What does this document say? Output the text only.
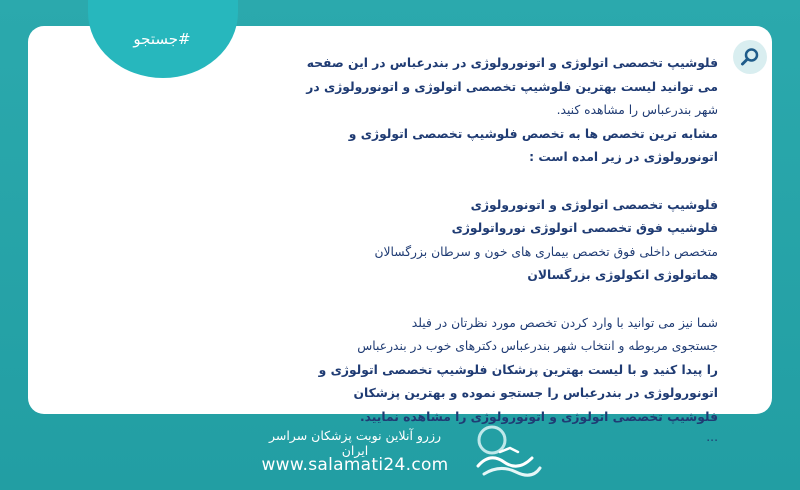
#جستجو
فلوشیپ تخصصی اتولوژی و اتونورولوژی در بندرعباس در این صفحه
می توانید لیست بهترین فلوشیپ تخصصی اتولوژی و اتونورولوژی در
شهر بندرعباس را مشاهده کنید.
مشابه ترین تخصص ها به تخصص فلوشیپ تخصصی اتولوژی و
اتونورولوژی در زیر امده است :
فلوشیپ تخصصی اتولوژی و اتونورولوژی
فلوشیپ فوق تخصصی اتولوژی نورواتولوژی
متخصص داخلی فوق تخصص بیماری های خون و سرطان بزرگسالان
هماتولوژی انکولوژی بزرگسالان
شما نیز می توانید با وارد کردن تخصص مورد نظرتان در فیلد
جستجوی مربوطه و انتخاب شهر بندرعباس دکترهای خوب در بندرعباس
را پیدا کنید و با لیست بهترین پزشکان فلوشیپ تخصصی اتولوژی و
اتونورولوژی در بندرعباس را جستجو نموده و بهترین پزشکان
فلوشیپ تخصصی اتولوژی و اتونورولوژی را مشاهده نمایید.
...
رزرو آنلاین نوبت پزشکان سراسر ایران
www.salamati24.com
